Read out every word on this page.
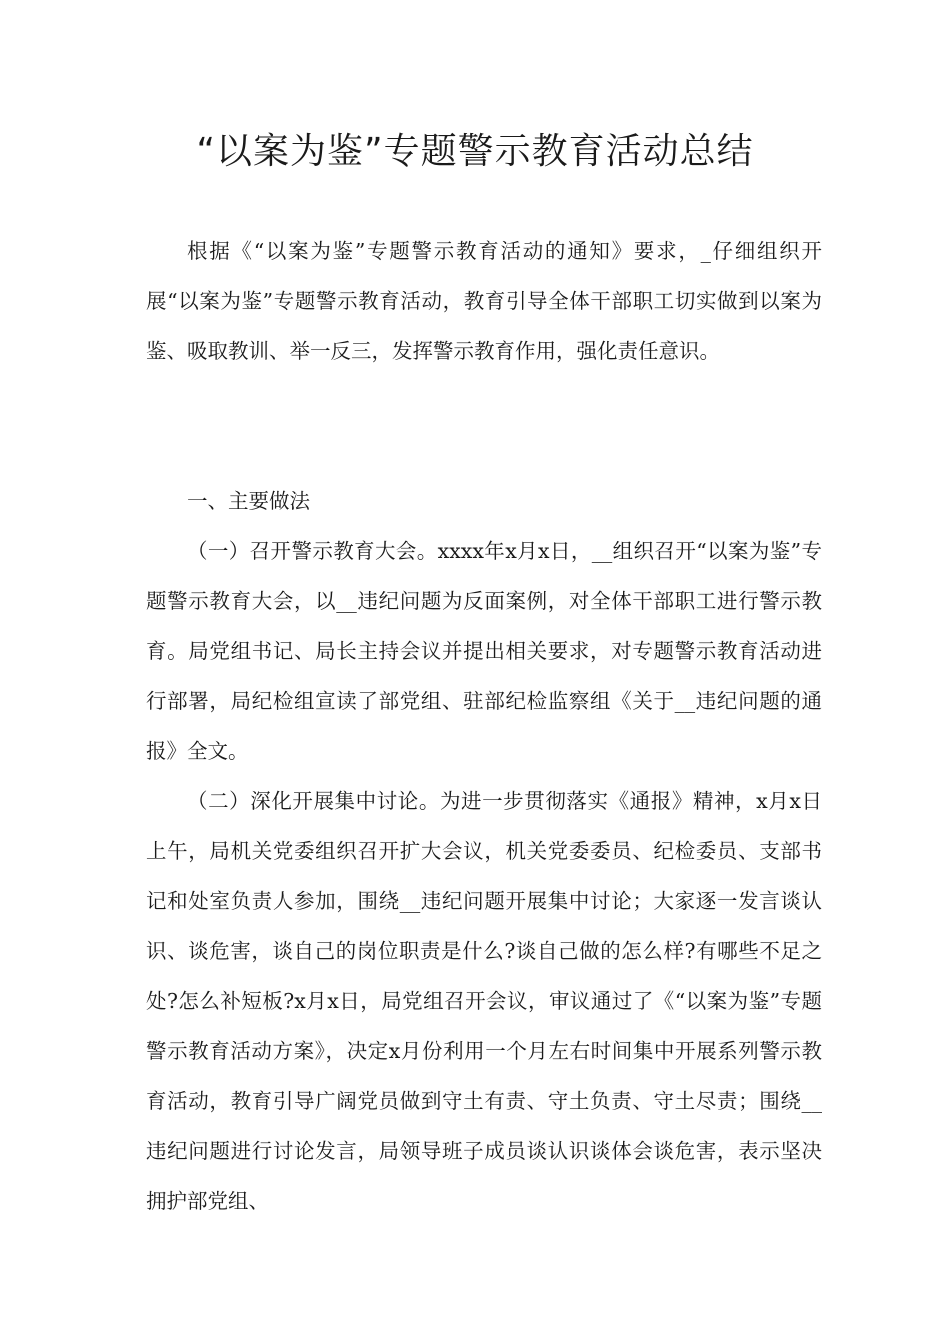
“以案为鉴”专题警示教育活动总结

根据《“以案为鉴”专题警示教育活动的通知》要求，_仔细组织开展“以案为鉴”专题警示教育活动，教育引导全体干部职工切实做到以案为鉴、吸取教训、举一反三，发挥警示教育作用，强化责任意识。

一、主要做法

（一）召开警示教育大会。xxxx年x月x日，__组织召开“以案为鉴”专题警示教育大会，以__违纪问题为反面案例，对全体干部职工进行警示教育。局党组书记、局长主持会议并提出相关要求，对专题警示教育活动进行部署，局纪检组宣读了部党组、驻部纪检监察组《关于__违纪问题的通报》全文。

（二）深化开展集中讨论。为进一步贯彻落实《通报》精神，x月x日上午，局机关党委组织召开扩大会议，机关党委委员、纪检委员、支部书记和处室负责人参加，围绕__违纪问题开展集中讨论；大家逐一发言谈认识、谈危害，谈自己的岗位职责是什么?谈自己做的怎么样?有哪些不足之处?怎么补短板?x月x日，局党组召开会议，审议通过了《“以案为鉴”专题警示教育活动方案》，决定x月份利用一个月左右时间集中开展系列警示教育活动，教育引导广阔党员做到守土有责、守土负责、守土尽责；围绕__违纪问题进行讨论发言，局领导班子成员谈认识谈体会谈危害，表示坚决拥护部党组、
